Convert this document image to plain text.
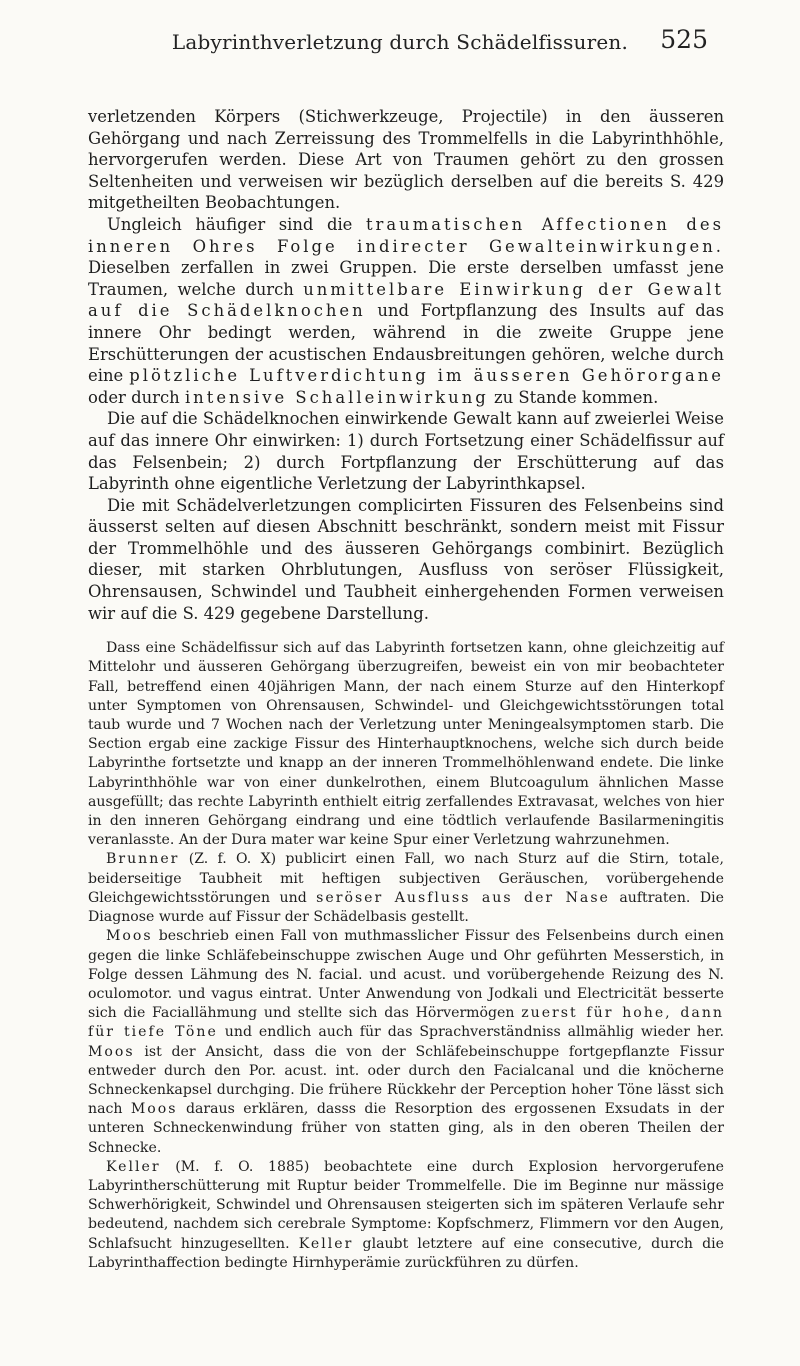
Labyrinthverletzung durch Schädelfissuren.	525

verletzenden Körpers (Stichwerkzeuge, Projectile) in den äusseren Gehörgang und nach Zerreissung des Trommelfells in die Labyrinthhöhle, hervorgerufen werden. Diese Art von Traumen gehört zu den grossen Seltenheiten und verweisen wir bezüglich derselben auf die bereits S. 429 mitgetheilten Beobachtungen.

Ungleich häufiger sind die traumatischen Affectionen des inneren Ohres Folge indirecter Gewalteinwirkungen. Dieselben zerfallen in zwei Gruppen. Die erste derselben umfasst jene Traumen, welche durch unmittelbare Einwirkung der Gewalt auf die Schädelknochen und Fortpflanzung des Insults auf das innere Ohr bedingt werden, während in die zweite Gruppe jene Erschütterungen der acustischen Endausbreitungen gehören, welche durch eine plötzliche Luftverdichtung im äusseren Gehörorgane oder durch intensive Schalleinwirkung zu Stande kommen.

Die auf die Schädelknochen einwirkende Gewalt kann auf zweierlei Weise auf das innere Ohr einwirken: 1) durch Fortsetzung einer Schädelfissur auf das Felsenbein; 2) durch Fortpflanzung der Erschütterung auf das Labyrinth ohne eigentliche Verletzung der Labyrinthkapsel.

Die mit Schädelverletzungen complicirten Fissuren des Felsenbeins sind äusserst selten auf diesen Abschnitt beschränkt, sondern meist mit Fissur der Trommelhöhle und des äusseren Gehörgangs combinirt. Bezüglich dieser, mit starken Ohrblutungen, Ausfluss von seröser Flüssigkeit, Ohrensausen, Schwindel und Taubheit einhergehenden Formen verweisen wir auf die S. 429 gegebene Darstellung.

Dass eine Schädelfissur sich auf das Labyrinth fortsetzen kann, ohne gleichzeitig auf Mittelohr und äusseren Gehörgang überzugreifen, beweist ein von mir beobachteter Fall, betreffend einen 40jährigen Mann, der nach einem Sturze auf den Hinterkopf unter Symptomen von Ohrensausen, Schwindel- und Gleichgewichtsstörungen total taub wurde und 7 Wochen nach der Verletzung unter Meningealsymptomen starb. Die Section ergab eine zackige Fissur des Hinterhauptknochens, welche sich durch beide Labyrinthe fortsetzte und knapp an der inneren Trommelhöhlenwand endete. Die linke Labyrinthhöhle war von einer dunkelrothen, einem Blutcoagulum ähnlichen Masse ausgefüllt; das rechte Labyrinth enthielt eitrig zerfallendes Extravasat, welches von hier in den inneren Gehörgang eindrang und eine tödtlich verlaufende Basilarmeningitis veranlasste. An der Dura mater war keine Spur einer Verletzung wahrzunehmen.

Brunner (Z. f. O. X) publicirt einen Fall, wo nach Sturz auf die Stirn, totale, beiderseitige Taubheit mit heftigen subjectiven Geräuschen, vorübergehende Gleichgewichtsstörungen und seröser Ausfluss aus der Nase auftraten. Die Diagnose wurde auf Fissur der Schädelbasis gestellt.

Moos beschrieb einen Fall von muthmasslicher Fissur des Felsenbeins durch einen gegen die linke Schläfebeinschuppe zwischen Auge und Ohr geführten Messerstich, in Folge dessen Lähmung des N. facial. und acust. und vorübergehende Reizung des N. oculomotor. und vagus eintrat. Unter Anwendung von Jodkali und Electricität besserte sich die Faciallähmung und stellte sich das Hörvermögen zuerst für hohe, dann für tiefe Töne und endlich auch für das Sprachverständniss allmählig wieder her. Moos ist der Ansicht, dass die von der Schläfebeinschuppe fortgepflanzte Fissur entweder durch den Por. acust. int. oder durch den Facialcanal und die knöcherne Schneckenkapsel durchging. Die frühere Rückkehr der Perception hoher Töne lässt sich nach Moos daraus erklären, dasss die Resorption des ergossenen Exsudats in der unteren Schneckenwindung früher von statten ging, als in den oberen Theilen der Schnecke.

Keller (M. f. O. 1885) beobachtete eine durch Explosion hervorgerufene Labyrintherschütterung mit Ruptur beider Trommelfelle. Die im Beginne nur mässige Schwerhörigkeit, Schwindel und Ohrensausen steigerten sich im späteren Verlaufe sehr bedeutend, nachdem sich cerebrale Symptome: Kopfschmerz, Flimmern vor den Augen, Schlafsucht hinzugesellten. Keller glaubt letztere auf eine consecutive, durch die Labyrinthaffection bedingte Hirnhyperämie zurückführen zu dürfen.
